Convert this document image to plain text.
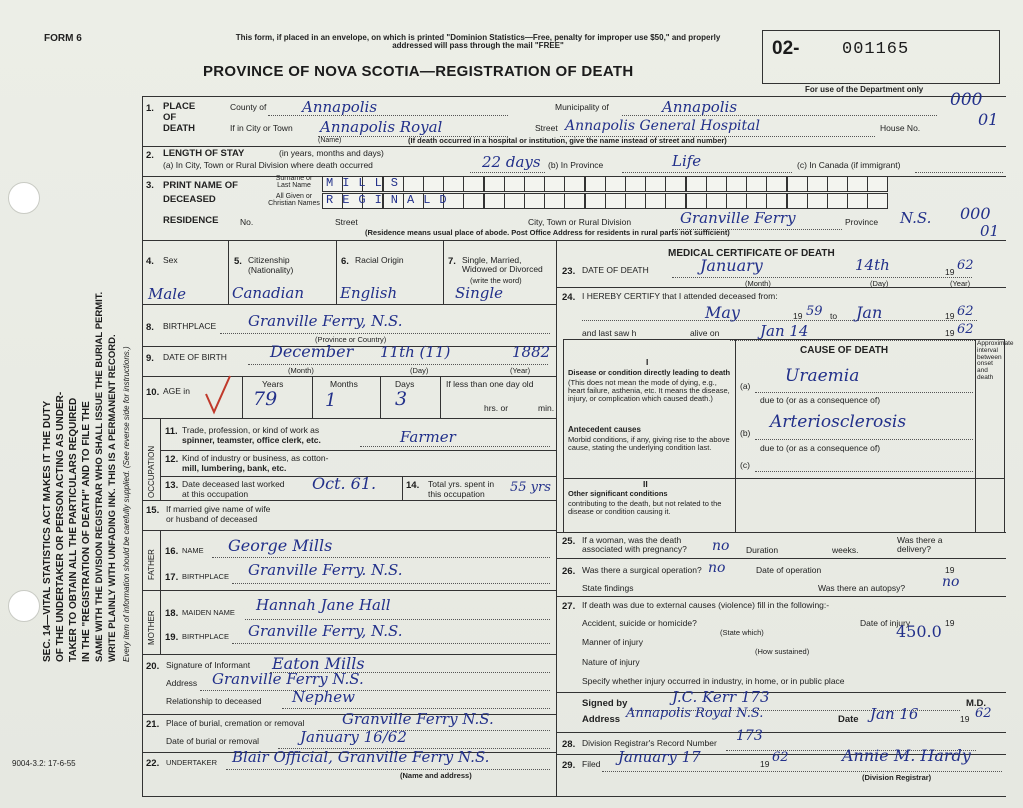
FORM 6
SEC. 14—VITAL STATISTICS ACT MAKES IT THE DUTY OF THE UNDERTAKER OR PERSON ACTING AS UNDER- TAKER TO OBTAIN ALL THE PARTICULARS REQUIRED IN THE "REGISTRATION OF DEATH" AND TO FILE THE SAME WITH THE DIVISION REGISTRAR WHO SHALL ISSUE THE BURIAL PERMIT. WRITE PLAINLY WITH UNFADING INK. THIS IS A PERMANENT RECORD. Every item of information should be carefully supplied. (See reverse side for instructions.)
9004-3.2: 17-6-55
This form, if placed in an envelope, on which is printed "Dominion Statistics—Free, penalty for improper use $50," and properly addressed will pass through the mail "FREE"	02-	001165
PROVINCE OF NOVA SCOTIA—REGISTRATION OF DEATH
For use of the Department only
1. PLACE OF DEATH
County of Annapolis	Municipality of	Annapolis	000
If in City or Town Annapolis Royal
(Name)
Street Annapolis General Hospital	House No.	01
(If death occurred in a hospital or institution, give the name instead of street and number)
2. LENGTH OF STAY	(in years, months and days)
(a) In City, Town or Rural Division where death occurred	22 days (b) In Province	Life	(c) In Canada (if immigrant)
3. PRINT NAME OF DECEASED
Surname or Last Name
All Given or Christian Names
MILLS
REGINALD
RESIDENCE	No.	Street	City, Town or Rural Division	Granville Ferry	Province N.S. 000
01
(Residence means usual place of abode. Post Office Address for residents in rural parts not sufficient)
4. Sex	5. Citizenship
(Nationality)
6. Racial Origin	7. Single, Married, Widowed or Divorced
(write the word)
Male	Canadian English	Single
8. BIRTHPLACE Granville Ferry, N.S.
(Province or Country)
9. DATE OF BIRTH	December 11th (11)	1882
(Month)	(Day)	(Year)
10. AGE in
Years	Months	Days	If less than one day old
hrs. or	min.
79	1	3
OCCUPATION
11. Trade, profession, or kind of work as
spinner, teamster, office clerk, etc.	Farmer
12. Kind of industry or business, as cotton-
mill, lumbering, bank, etc.
13. Date deceased last worked
at this occupation
Oct. 61.	14. Total yrs. spent in
this occupation 55 yrs
15. If married give name of wife
or husband of deceased
FATHER 16. NAME George Mills
17. BIRTHPLACE Granville Ferry. N.S.
MOTHER 18. MAIDEN NAME Hannah Jane Hall
19. BIRTHPLACE Granville Ferry, N.S.
20. Signature of Informant Eaton Mills
Address Granville Ferry N.S.
Relationship to deceased Nephew
21. Place of burial, cremation or removal	Granville Ferry N.S.
Date of burial or removal	January 16/62
22. UNDERTAKER Blair Official, Granville Ferry N.S.
(Name and address)
MEDICAL CERTIFICATE OF DEATH
23. DATE OF DEATH	January	14th	19 62
(Month)	(Day)	(Year)
24. I HEREBY CERTIFY that I attended deceased from:
May	19 59 to Jan	19 62
and last saw h	alive on	Jan 14	19 62
CAUSE OF DEATH
Approximate interval between onset and death
I
Disease or condition directly leading to death
(This does not mean the mode of dying, e.g., heart failure, asthenia, etc. It means the disease, injury, or complication which caused death.)
(a) Uraemia
due to (or as a consequence of)
Antecedent causes
Morbid conditions, if any, giving rise to the above cause, stating the underlying condition last.
(b)
Arteriosclerosis
due to (or as a consequence of)
(c)
II
Other significant conditions
contributing to the death, but not related to the disease or condition causing it.
25. If a woman, was the death associated with pregnancy?	no Duration	weeks.
Was there a delivery?
26. Was there a surgical operation? no	Date of operation	19
State findings	Was there an autopsy?	no
27. If death was due to external causes (violence) fill in the following:-
Accident, suicide or homicide?	Date of injury	19
(State which)	450.0
Manner of injury
(How sustained)
Nature of injury
Specify whether injury occurred in industry, in home, or in public place
Signed by	J.C. Kerr 173	M.D.
Address Annapolis Royal N.S.	Date Jan 16	19 62
28. Division Registrar's Record Number 173
29. Filed January 17	19 62	Annie M. Hardy
(Division Registrar)
